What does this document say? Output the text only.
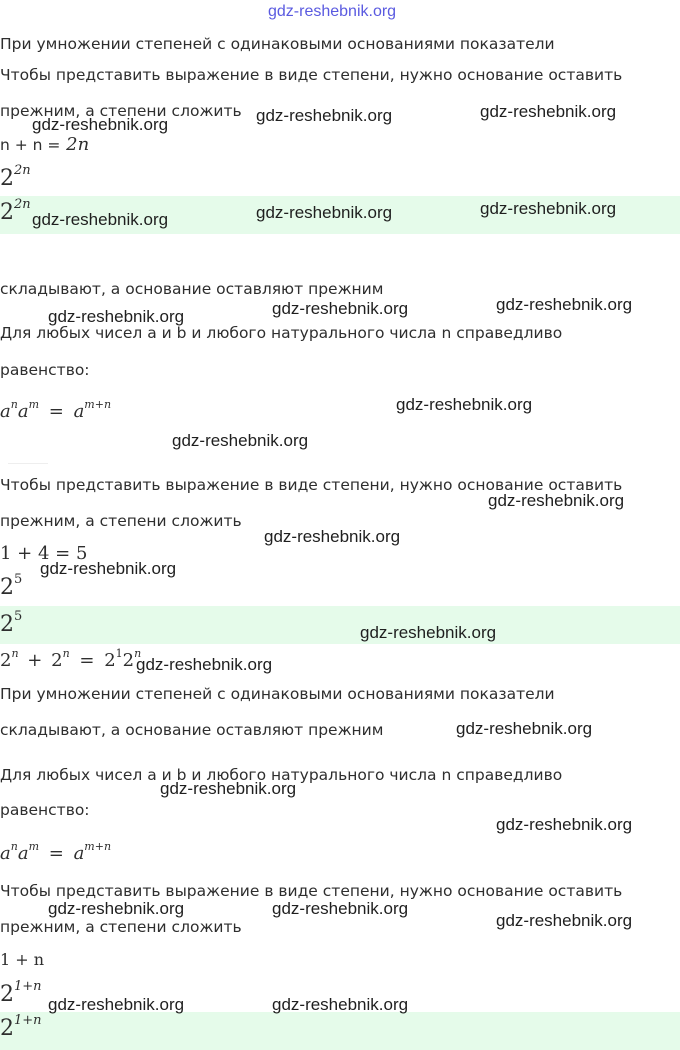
gdz-reshebnik.org
При умножении степеней с одинаковыми основаниями показатели
Чтобы представить выражение в виде степени, нужно основание оставить
прежним, а степени сложить
n + n = 2n
$2^{2n}$
$2^{2n}$
складывают, а основание оставляют прежним
Для любых чисел a и b и любого натурального числа n справедливо
равенство:
$a^na^m = a^{m+n}$
Чтобы представить выражение в виде степени, нужно основание оставить
прежним, а степени сложить
1 + 4 = 5
$2^5$
$2^5$
$2^n + 2^n = 2^12^n$
При умножении степеней с одинаковыми основаниями показатели
складывают, а основание оставляют прежним
Для любых чисел a и b и любого натурального числа n справедливо
равенство:
$a^na^m = a^{m+n}$
Чтобы представить выражение в виде степени, нужно основание оставить
прежним, а степени сложить
1 + n
$2^{1+n}$
$2^{1+n}$
gdz-reshebnik.org	gdz-reshebnik.org	gdz-reshebnik.org
gdz-reshebnik.org	gdz-reshebnik.org	gdz-reshebnik.org
gdz-reshebnik.org	gdz-reshebnik.org	gdz-reshebnik.org
gdz-reshebnik.org
gdz-reshebnik.org
gdz-reshebnik.org
gdz-reshebnik.org
gdz-reshebnik.org
gdz-reshebnik.org
gdz-reshebnik.org
gdz-reshebnik.org
gdz-reshebnik.org
gdz-reshebnik.org
gdz-reshebnik.org	gdz-reshebnik.org
gdz-reshebnik.org
gdz-reshebnik.org	gdz-reshebnik.org
